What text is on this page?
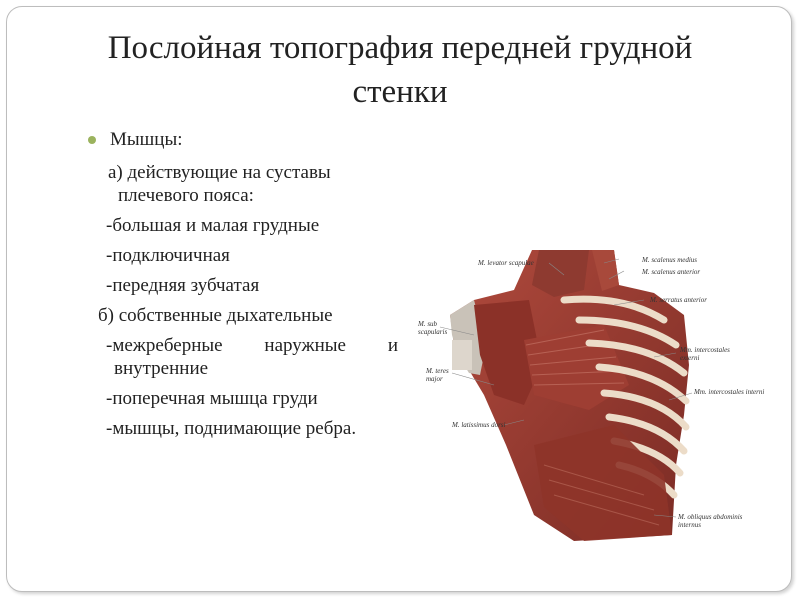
Послойная топография передней грудной стенки
Мышцы:
а) действующие на суставы плечевого пояса:
-большая и малая грудные
-подключичная
-передняя зубчатая
б) собственные дыхательные
-межреберные наружные и внутренние
-поперечная мышца груди
-мышцы, поднимающие ребра.
M. levator scapulae	M. scalenus medius
M. scalenus anterior
M. serratus anterior
M. sub scapularis
Mm. intercostales externi
M. teres major
Mm. intercostales interni
M. latissimus dorsi
M. obliquus abdominis internus
